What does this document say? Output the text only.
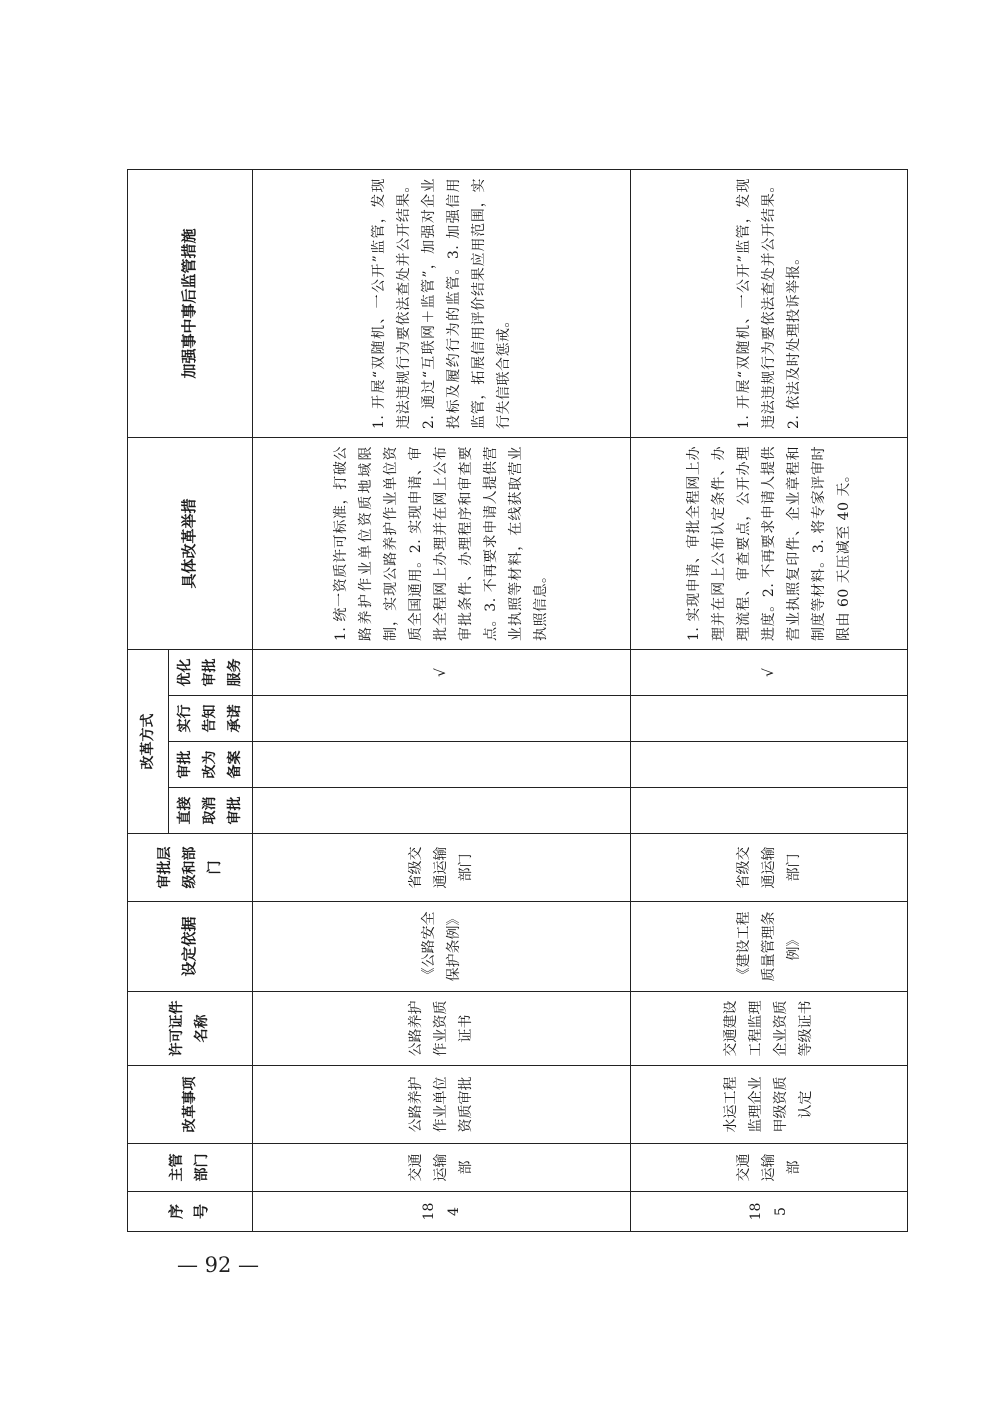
序号	主管部门	改革事项	许可证件名称	设定依据	审批层级和部门	改革方式				具体改革举措	加强事中事后监管措施
						直接取消审批	审批改为备案	实行告知承诺	优化审批服务		
184	交通运输部	公路养护作业单位资质审批	公路养护作业资质证书	《公路安全保护条例》	省级交通运输部门				√	1. 统一资质许可标准，打破公路养护作业单位资质地域限制，实现公路养护作业单位资质全国通用。2. 实现申请、审批全程网上办理并在网上公布审批条件、办理程序和审查要点。3. 不再要求申请人提供营业执照等材料，在线获取营业执照信息。	1. 开展“双随机、一公开”监管，发现违法违规行为要依法查处并公开结果。2. 通过“互联网＋监管”，加强对企业投标及履约行为的监管。3. 加强信用监管，拓展信用评价结果应用范围，实行失信联合惩戒。
185	交通运输部	水运工程监理企业甲级资质认定	交通建设工程监理企业资质等级证书	《建设工程质量管理条例》	省级交通运输部门				√	1. 实现申请、审批全程网上办理并在网上公布认定条件、办理流程、审查要点，公开办理进度。2. 不再要求申请人提供营业执照复印件、企业章程和制度等材料。3. 将专家评审时限由 60 天压减至 40 天。	1. 开展“双随机、一公开”监管，发现违法违规行为要依法查处并公开结果。2. 依法及时处理投诉举报。
— 92 —
